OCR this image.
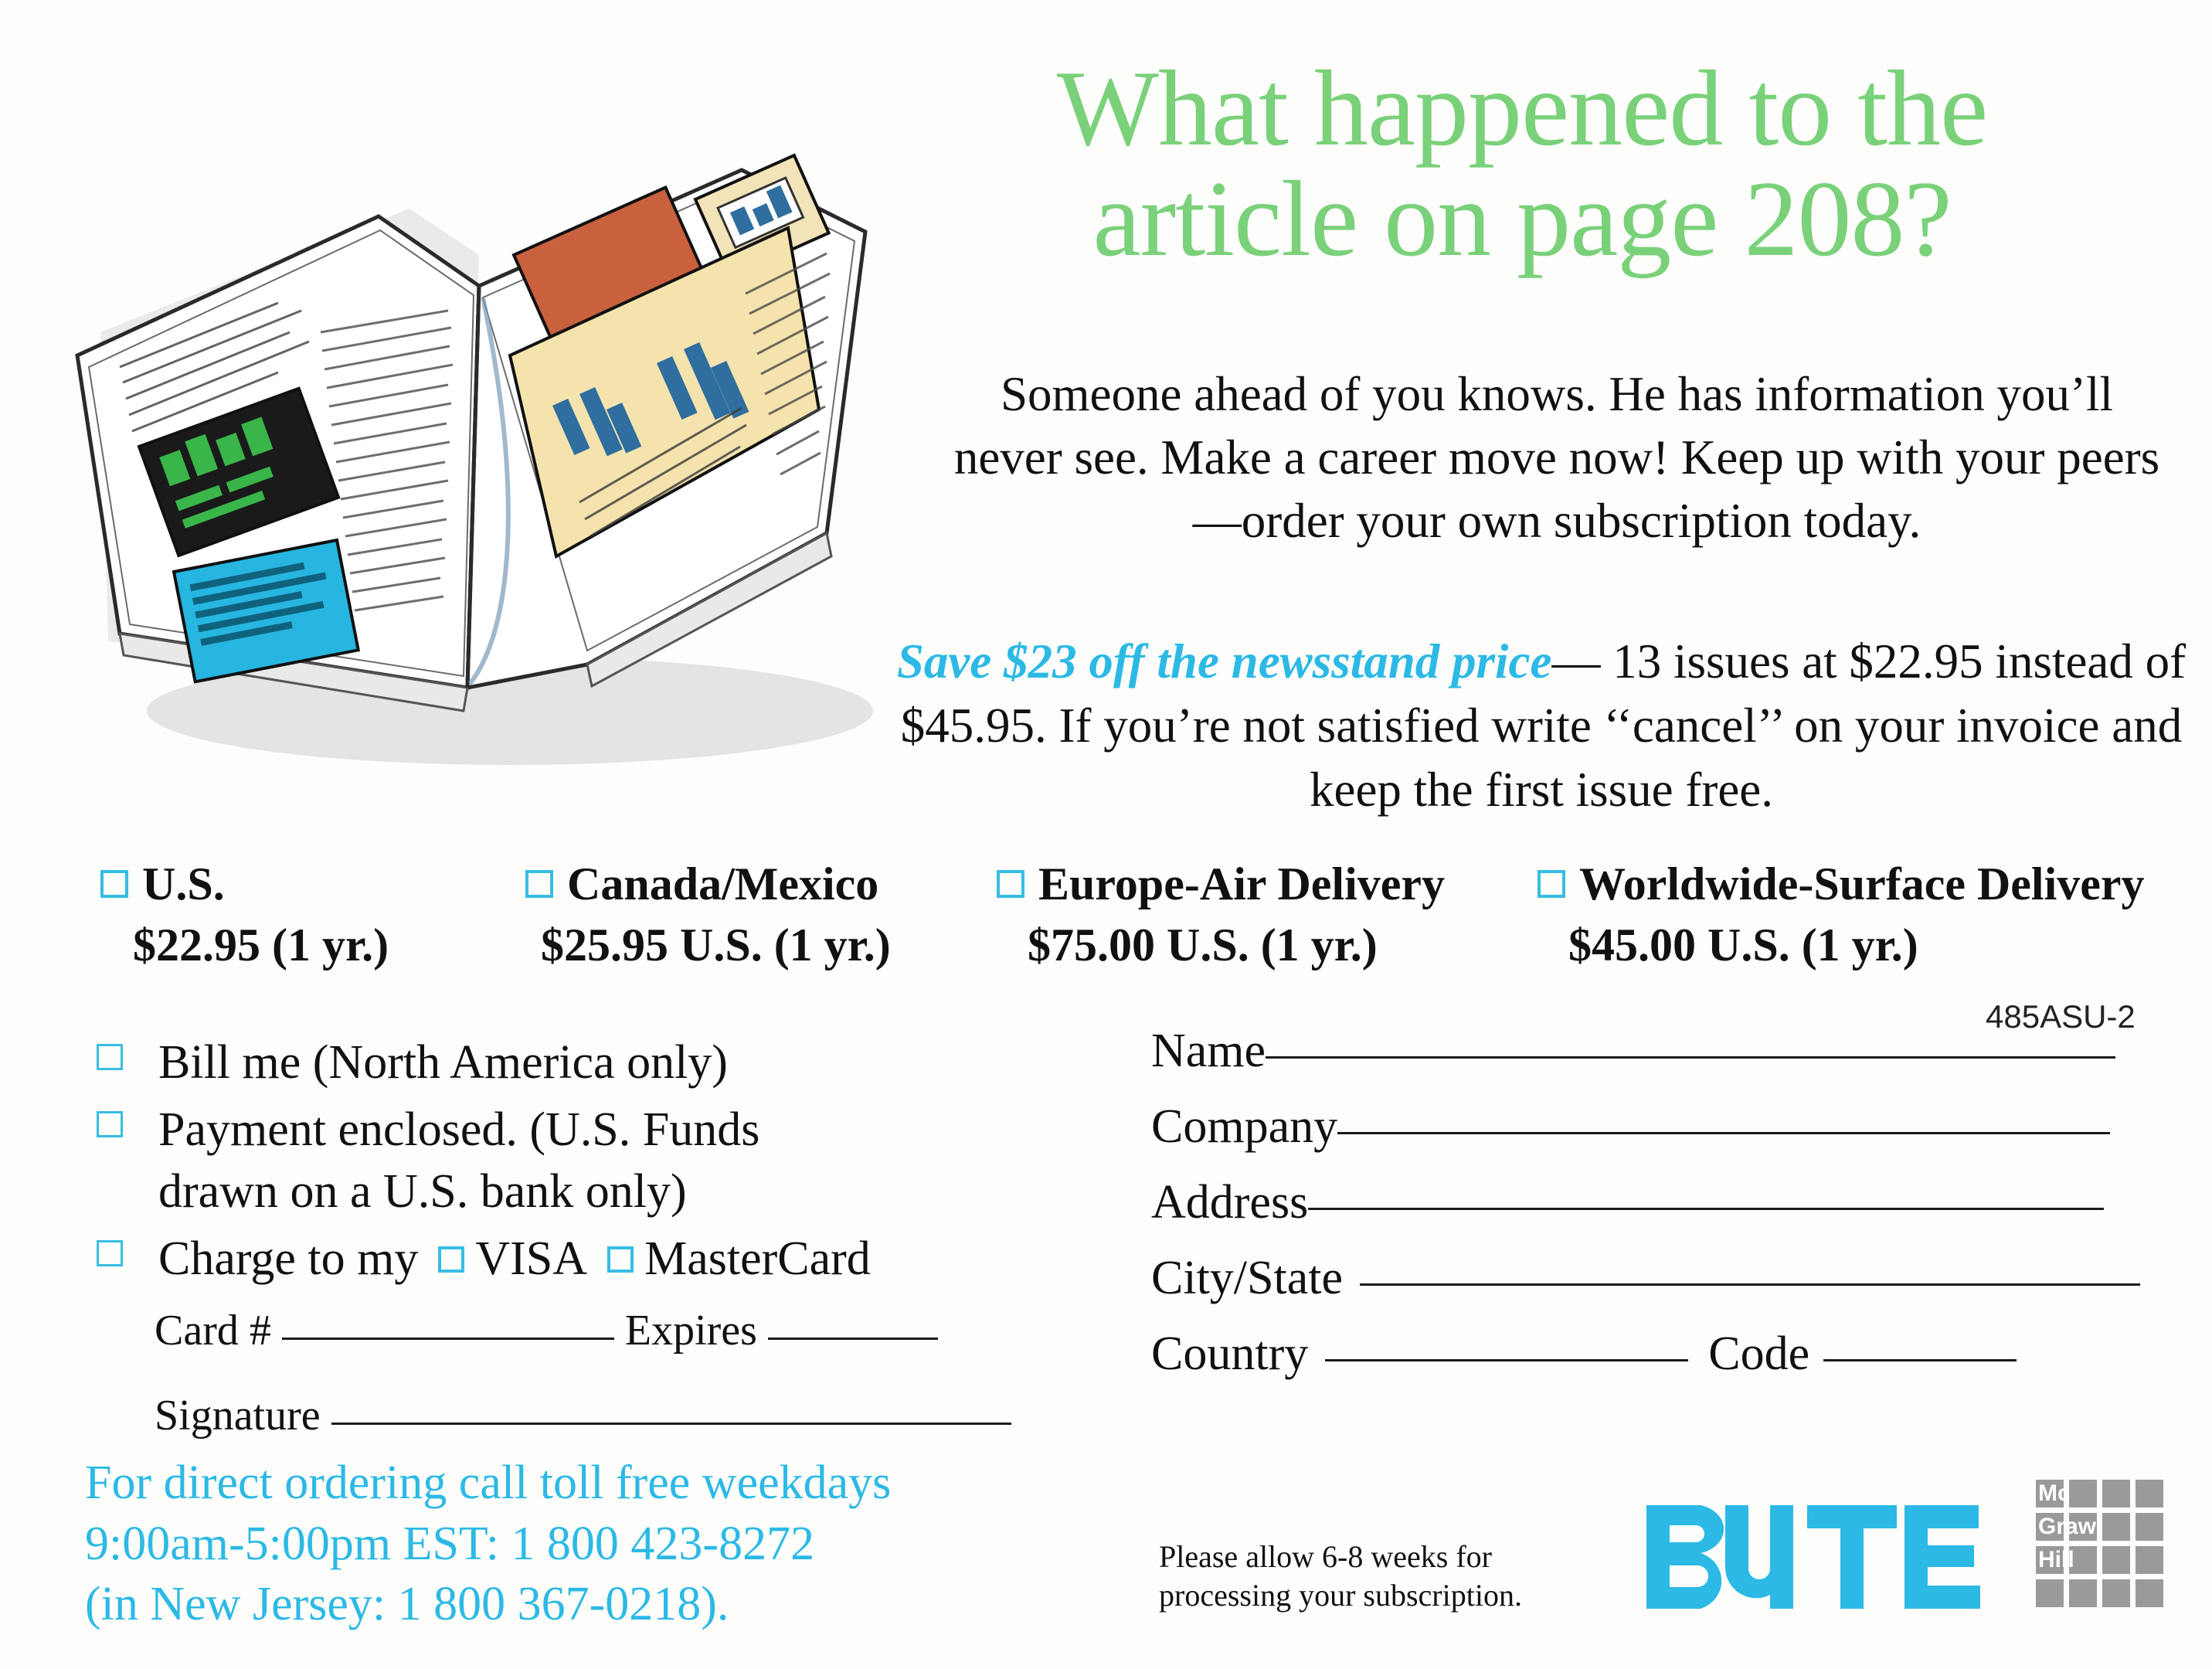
What happened to the
article on page 208?
Someone ahead of you knows. He has information you’ll never see. Make a career move now! Keep up with your peers—order your own subscription today.
Save $23 off the newsstand price— 13 issues at $22.95 instead of $45.95. If you’re not satisfied write ‘‘cancel’’ on your invoice and keep the first issue free.
U.S.
$22.95 (1 yr.)
Canada/Mexico
$25.95 U.S. (1 yr.)
Europe-Air Delivery
$75.00 U.S. (1 yr.)
Worldwide-Surface Delivery
$45.00 U.S. (1 yr.)
Bill me (North America only)
Payment enclosed. (U.S. Funds
drawn on a U.S. bank only)
Charge to my VISA MasterCard
Card #	Expires
Signature
For direct ordering call toll free weekdays
9:00am-5:00pm EST: 1 800 423-8272
(in New Jersey: 1 800 367-0218).
485ASU-2
Name
Company
Address
City/State
Country	Code
Please allow 6-8 weeks for
processing your subscription.
Mc
Graw
Hill
